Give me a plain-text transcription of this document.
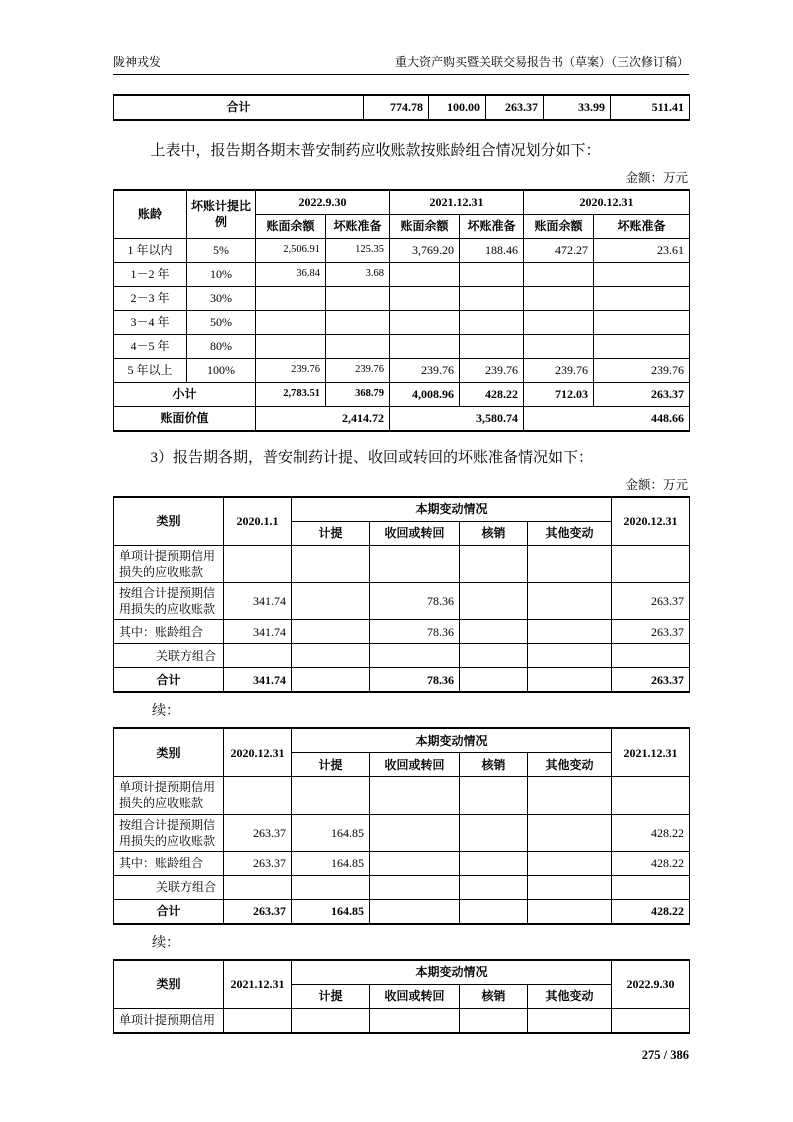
陇神戎发	重大资产购买暨关联交易报告书（草案）（三次修订稿）
合计	774.78	100.00	263.37	33.99	511.41

上表中，报告期各期末普安制药应收账款按账龄组合情况划分如下：

金额：万元
账龄	坏账计提比例	2022.9.30		2021.12.31		2020.12.31	
		账面余额	坏账准备	账面余额	坏账准备	账面余额	坏账准备
1 年以内	5%	2,506.91	125.35	3,769.20	188.46	472.27	23.61
1－2 年	10%	36.84	3.68				
2－3 年	30%						
3－4 年	50%						
4－5 年	80%						
5 年以上	100%	239.76	239.76	239.76	239.76	239.76	239.76
小计		2,783.51	368.79	4,008.96	428.22	712.03	263.37
账面价值		2,414.72		3,580.74		448.66	

3）报告期各期，普安制药计提、收回或转回的坏账准备情况如下：

金额：万元
类别	2020.1.1	本期变动情况				2020.12.31
		计提	收回或转回	核销	其他变动	
单项计提预期信用损失的应收账款						
按组合计提预期信用损失的应收账款	341.74		78.36			263.37
其中：账龄组合	341.74		78.36			263.37
关联方组合						
合计	341.74		78.36			263.37
续：
类别	2020.12.31	本期变动情况				2021.12.31
		计提	收回或转回	核销	其他变动	
单项计提预期信用损失的应收账款						
按组合计提预期信用损失的应收账款	263.37	164.85				428.22
其中：账龄组合	263.37	164.85				428.22
关联方组合						
合计	263.37	164.85				428.22
续：
类别	2021.12.31	本期变动情况				2022.9.30
		计提	收回或转回	核销	其他变动	
单项计提预期信用						
275 / 386
